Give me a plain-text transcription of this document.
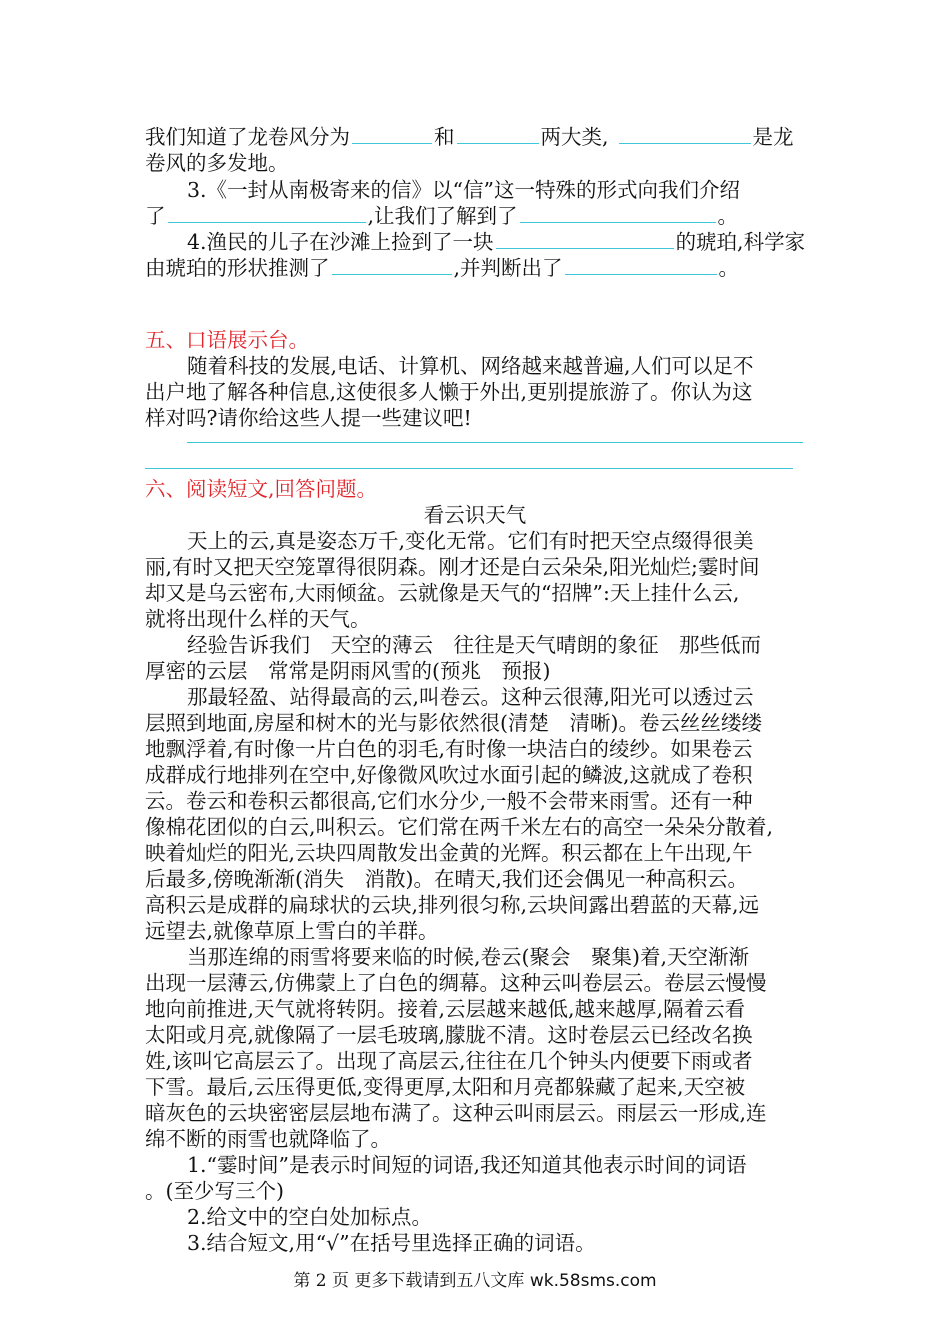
我们知道了龙卷风分为	和	两大类,	是龙
卷风的多发地。
3.《一封从南极寄来的信》以“信”这一特殊的形式向我们介绍
了	,让我们了解到了	。
4.渔民的儿子在沙滩上捡到了一块	的琥珀,科学家
由琥珀的形状推测了	,并判断出了	。
五、口语展示台。
随着科技的发展,电话、计算机、网络越来越普遍,人们可以足不
出户地了解各种信息,这使很多人懒于外出,更别提旅游了。你认为这
样对吗?请你给这些人提一些建议吧!
六、阅读短文,回答问题。
看云识天气
天上的云,真是姿态万千,变化无常。它们有时把天空点缀得很美
丽,有时又把天空笼罩得很阴森。刚才还是白云朵朵,阳光灿烂;霎时间
却又是乌云密布,大雨倾盆。云就像是天气的“招牌”:天上挂什么云,
就将出现什么样的天气。
经验告诉我们　天空的薄云　往往是天气晴朗的象征　那些低而
厚密的云层　常常是阴雨风雪的(预兆　预报)
那最轻盈、站得最高的云,叫卷云。这种云很薄,阳光可以透过云
层照到地面,房屋和树木的光与影依然很(清楚　清晰)。卷云丝丝缕缕
地飘浮着,有时像一片白色的羽毛,有时像一块洁白的绫纱。如果卷云
成群成行地排列在空中,好像微风吹过水面引起的鳞波,这就成了卷积
云。卷云和卷积云都很高,它们水分少,一般不会带来雨雪。还有一种
像棉花团似的白云,叫积云。它们常在两千米左右的高空一朵朵分散着,
映着灿烂的阳光,云块四周散发出金黄的光辉。积云都在上午出现,午
后最多,傍晚渐渐(消失　消散)。在晴天,我们还会偶见一种高积云。
高积云是成群的扁球状的云块,排列很匀称,云块间露出碧蓝的天幕,远
远望去,就像草原上雪白的羊群。
当那连绵的雨雪将要来临的时候,卷云(聚会　聚集)着,天空渐渐
出现一层薄云,仿佛蒙上了白色的绸幕。这种云叫卷层云。卷层云慢慢
地向前推进,天气就将转阴。接着,云层越来越低,越来越厚,隔着云看
太阳或月亮,就像隔了一层毛玻璃,朦胧不清。这时卷层云已经改名换
姓,该叫它高层云了。出现了高层云,往往在几个钟头内便要下雨或者
下雪。最后,云压得更低,变得更厚,太阳和月亮都躲藏了起来,天空被
暗灰色的云块密密层层地布满了。这种云叫雨层云。雨层云一形成,连
绵不断的雨雪也就降临了。
1.“霎时间”是表示时间短的词语,我还知道其他表示时间的词语
。(至少写三个)
2.给文中的空白处加标点。
3.结合短文,用“√”在括号里选择正确的词语。
第 2 页 更多下载请到五八文库 wk.58sms.com
